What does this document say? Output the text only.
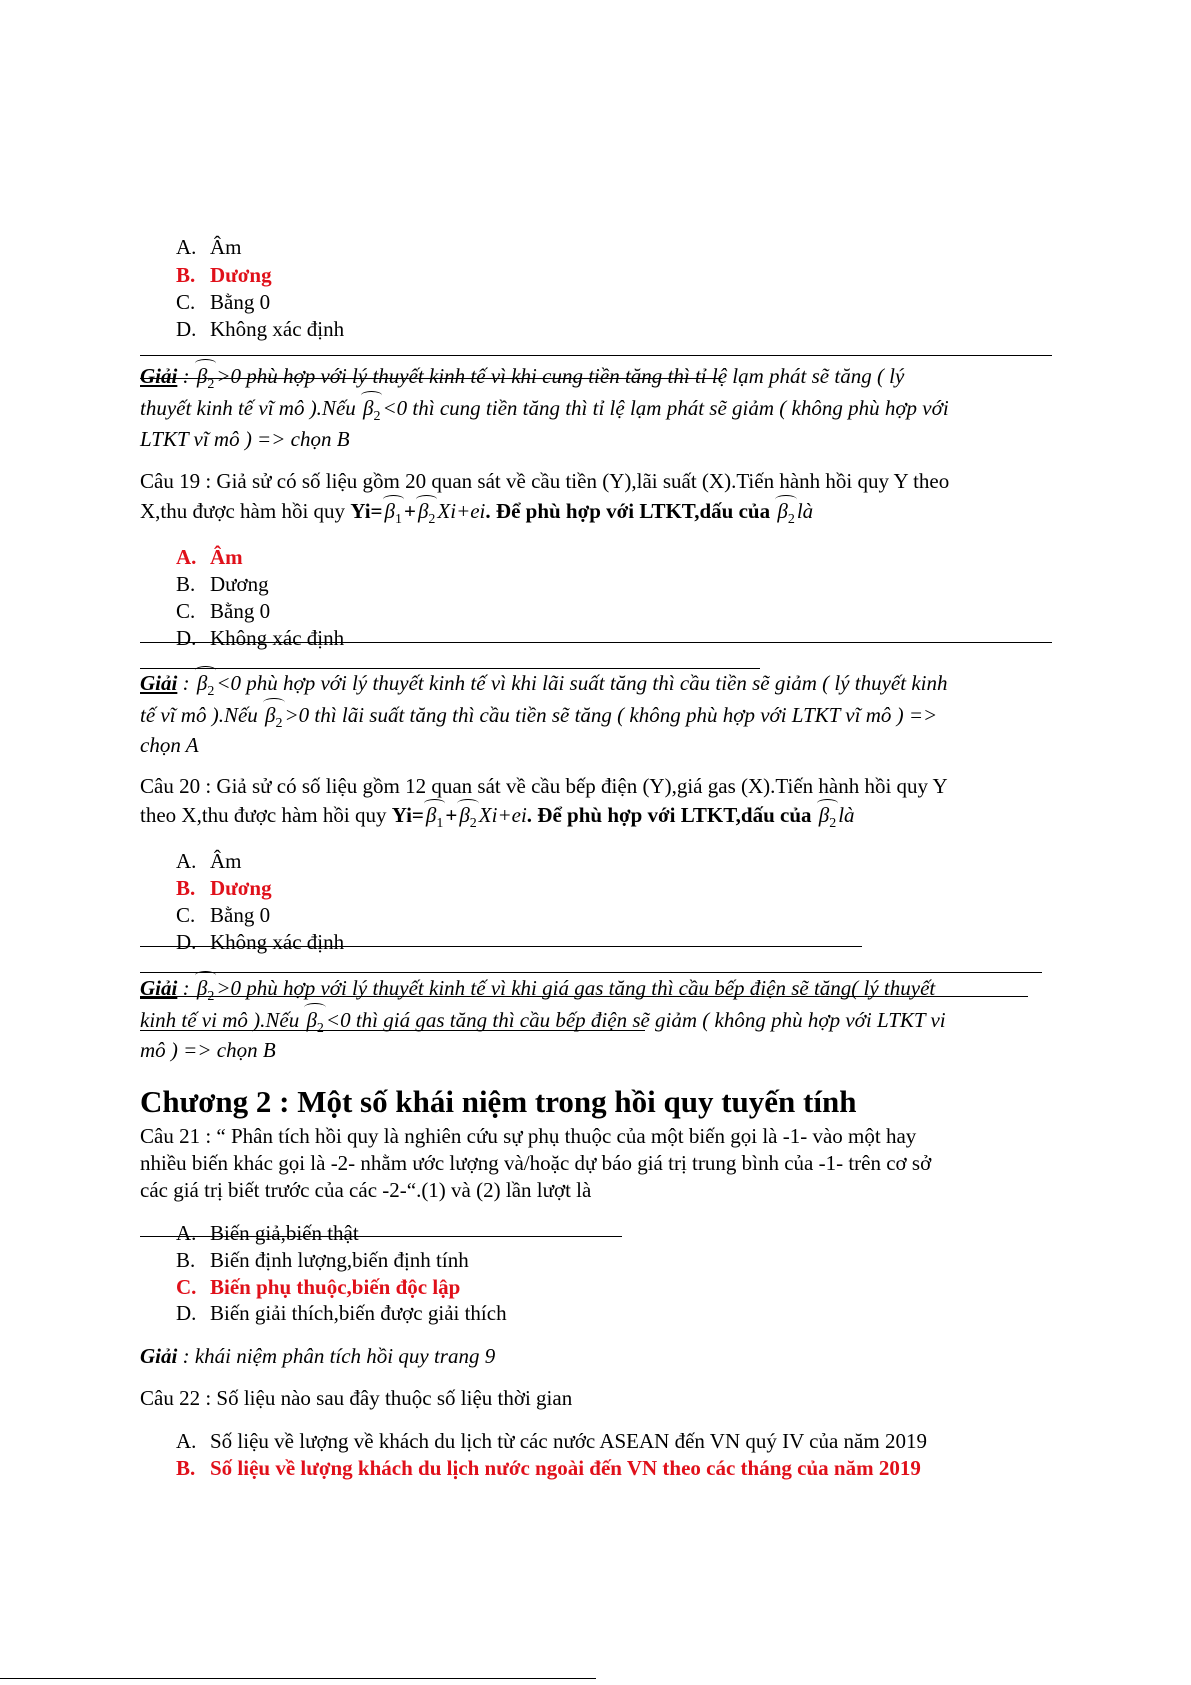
A. Âm
B. Dương
C. Bằng 0
D. Không xác định
Giải : $\beta_2>0$ phù hợp với lý thuyết kinh tế vì khi cung tiền tăng thì tỉ lệ lạm phát sẽ tăng ( lý
thuyết kinh tế vĩ mô ).Nếu $\beta_2<0$ thì cung tiền tăng thì tỉ lệ lạm phát sẽ giảm ( không phù hợp với
LTKT vĩ mô ) => chọn B
Câu 19 : Giả sử có số liệu gồm 20 quan sát về cầu tiền (Y),lãi suất (X).Tiến hành hồi quy Y theo
X,thu được hàm hồi quy $Yi=\beta_1+\beta_2Xi+ei$. Để phù hợp với LTKT,dấu của $\beta_2là$
A. Âm
B. Dương
C. Bằng 0
D. Không xác định
Giải : $\beta_2<0$ phù hợp với lý thuyết kinh tế vì khi lãi suất tăng thì cầu tiền sẽ giảm ( lý thuyết kinh
tế vĩ mô ).Nếu $\beta_2>0$ thì lãi suất tăng thì cầu tiền sẽ tăng ( không phù hợp với LTKT vĩ mô ) =>
chọn A
Câu 20 : Giả sử có số liệu gồm 12 quan sát về cầu bếp điện (Y),giá gas (X).Tiến hành hồi quy Y
theo X,thu được hàm hồi quy $Yi=\beta_1+\beta_2Xi+ei$. Để phù hợp với LTKT,dấu của $\beta_2là$
A. Âm
B. Dương
C. Bằng 0
D. Không xác định
Giải : $\beta_2>0$ phù hợp với lý thuyết kinh tế vì khi giá gas tăng thì cầu bếp điện sẽ tăng( lý thuyết
kinh tế vi mô ).Nếu $\beta_2<0$ thì giá gas tăng thì cầu bếp điện sẽ giảm ( không phù hợp với LTKT vi
mô ) => chọn B
Chương 2 : Một số khái niệm trong hồi quy tuyến tính
Câu 21 : “ Phân tích hồi quy là nghiên cứu sự phụ thuộc của một biến gọi là -1- vào một hay
nhiều biến khác gọi là -2- nhằm ước lượng và/hoặc dự báo giá trị trung bình của -1- trên cơ sở
các giá trị biết trước của các -2-“.(1) và (2) lần lượt là
A. Biến giả,biến thật
B. Biến định lượng,biến định tính
C. Biến phụ thuộc,biến độc lập
D. Biến giải thích,biến được giải thích
Giải : khái niệm phân tích hồi quy trang 9
Câu 22 : Số liệu nào sau đây thuộc số liệu thời gian
A. Số liệu về lượng về khách du lịch từ các nước ASEAN đến VN quý IV của năm 2019
B. Số liệu về lượng khách du lịch nước ngoài đến VN theo các tháng của năm 2019
